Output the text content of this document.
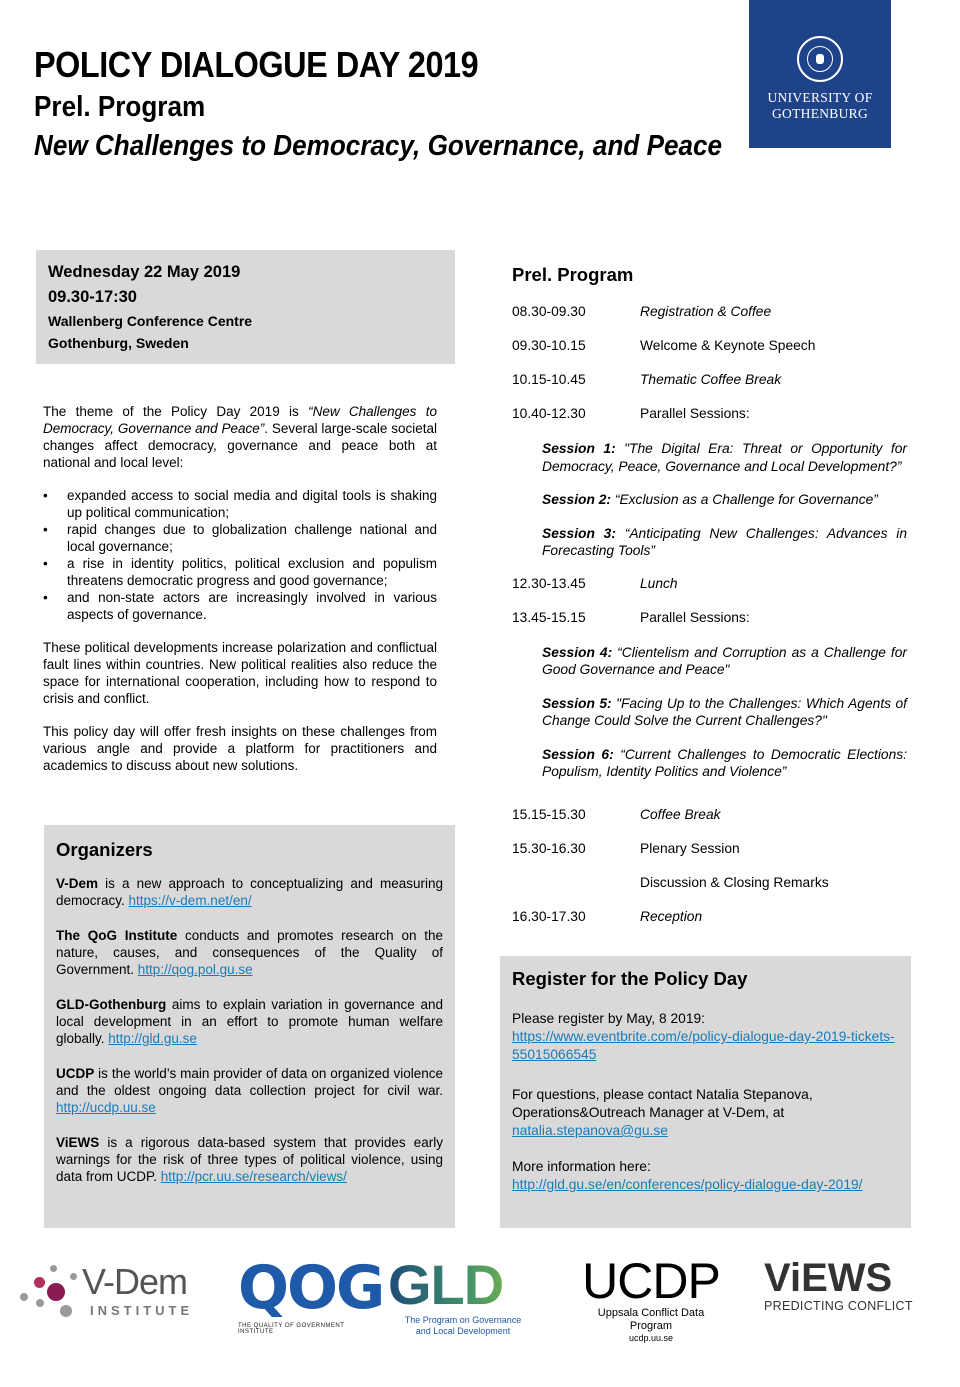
POLICY DIALOGUE DAY 2019
Prel. Program
New Challenges to Democracy, Governance, and Peace
UNIVERSITY OF
GOTHENBURG
Wednesday 22 May 2019
09.30-17:30
Wallenberg Conference Centre
Gothenburg, Sweden

The theme of the Policy Day 2019 is “New Challenges to Democracy, Governance and Peace”. Several large-scale societal changes affect democracy, governance and peace both at national and local level:

• expanded access to social media and digital tools is shaking up political communication;
• rapid changes due to globalization challenge national and local governance;
• a rise in identity politics, political exclusion and populism threatens democratic progress and good governance;
• and non-state actors are increasingly involved in various aspects of governance.

These political developments increase polarization and conflictual fault lines within countries. New political realities also reduce the space for international cooperation, including how to respond to crisis and conflict.

This policy day will offer fresh insights on these challenges from various angle and provide a platform for practitioners and academics to discuss about new solutions.

Organizers
V-Dem is a new approach to conceptualizing and measuring democracy. https://v-dem.net/en/
The QoG Institute conducts and promotes research on the nature, causes, and consequences of the Quality of Government. http://qog.pol.gu.se
GLD-Gothenburg aims to explain variation in governance and local development in an effort to promote human welfare globally. http://gld.gu.se
UCDP is the world’s main provider of data on organized violence and the oldest ongoing data collection project for civil war. http://ucdp.uu.se
ViEWS is a rigorous data-based system that provides early warnings for the risk of three types of political violence, using data from UCDP. http://pcr.uu.se/research/views/
Prel. Program
08.30-09.30	Registration & Coffee
09.30-10.15	Welcome & Keynote Speech
10.15-10.45	Thematic Coffee Break
10.40-12.30	Parallel Sessions:
Session 1: "The Digital Era: Threat or Opportunity for Democracy, Peace, Governance and Local Development?”
Session 2: “Exclusion as a Challenge for Governance”
Session 3: “Anticipating New Challenges: Advances in Forecasting Tools”
12.30-13.45	Lunch
13.45-15.15	Parallel Sessions:
Session 4: “Clientelism and Corruption as a Challenge for Good Governance and Peace"
Session 5: "Facing Up to the Challenges: Which Agents of Change Could Solve the Current Challenges?"
Session 6: “Current Challenges to Democratic Elections: Populism, Identity Politics and Violence”
15.15-15.30	Coffee Break
15.30-16.30	Plenary Session
Discussion & Closing Remarks
16.30-17.30	Reception
Register for the Policy Day

Please register by May, 8 2019:
https://www.eventbrite.com/e/policy-dialogue-day-2019-tickets-55015066545

For questions, please contact Natalia Stepanova, Operations&Outreach Manager at V-Dem, at
natalia.stepanova@gu.se

More information here:
http://gld.gu.se/en/conferences/policy-dialogue-day-2019/

V-Dem
INSTITUTE QOG
THE QUALITY OF GOVERNMENT INSTITUTE
GLD
The Program on Governance
and Local Development
UCDP
Uppsala Conflict Data Program
ucdp.uu.se
ViEWS
PREDICTING CONFLICT
